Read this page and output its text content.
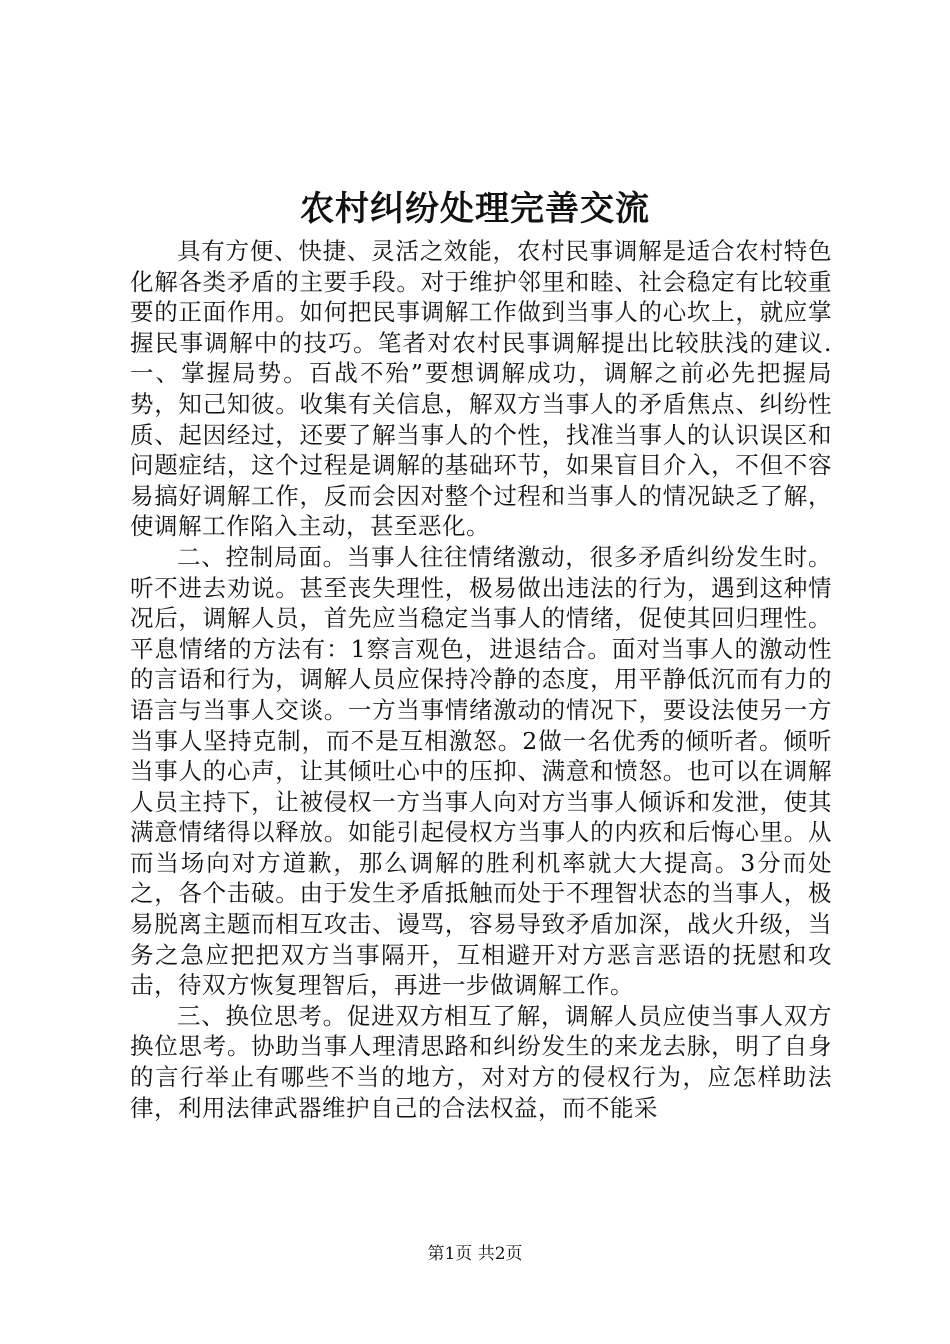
农村纠纷处理完善交流

具有方便、快捷、灵活之效能，农村民事调解是适合农村特色化解各类矛盾的主要手段。对于维护邻里和睦、社会稳定有比较重要的正面作用。如何把民事调解工作做到当事人的心坎上，就应掌握民事调解中的技巧。笔者对农村民事调解提出比较肤浅的建议.一、掌握局势。百战不殆”要想调解成功，调解之前必先把握局势，知己知彼。收集有关信息，解双方当事人的矛盾焦点、纠纷性质、起因经过，还要了解当事人的个性，找准当事人的认识误区和问题症结，这个过程是调解的基础环节，如果盲目介入，不但不容易搞好调解工作，反而会因对整个过程和当事人的情况缺乏了解，使调解工作陷入主动，甚至恶化。

二、控制局面。当事人往往情绪激动，很多矛盾纠纷发生时。听不进去劝说。甚至丧失理性，极易做出违法的行为，遇到这种情况后，调解人员，首先应当稳定当事人的情绪，促使其回归理性。平息情绪的方法有：1察言观色，进退结合。面对当事人的激动性的言语和行为，调解人员应保持冷静的态度，用平静低沉而有力的语言与当事人交谈。一方当事情绪激动的情况下，要设法使另一方当事人坚持克制，而不是互相激怒。2做一名优秀的倾听者。倾听当事人的心声，让其倾吐心中的压抑、满意和愤怒。也可以在调解人员主持下，让被侵权一方当事人向对方当事人倾诉和发泄，使其满意情绪得以释放。如能引起侵权方当事人的内疚和后悔心里。从而当场向对方道歉，那么调解的胜利机率就大大提高。3分而处之，各个击破。由于发生矛盾抵触而处于不理智状态的当事人，极易脱离主题而相互攻击、谩骂，容易导致矛盾加深，战火升级，当务之急应把把双方当事隔开，互相避开对方恶言恶语的抚慰和攻击，待双方恢复理智后，再进一步做调解工作。

三、换位思考。促进双方相互了解，调解人员应使当事人双方换位思考。协助当事人理清思路和纠纷发生的来龙去脉，明了自身的言行举止有哪些不当的地方，对对方的侵权行为，应怎样助法律，利用法律武器维护自己的合法权益，而不能采

第1页 共2页
